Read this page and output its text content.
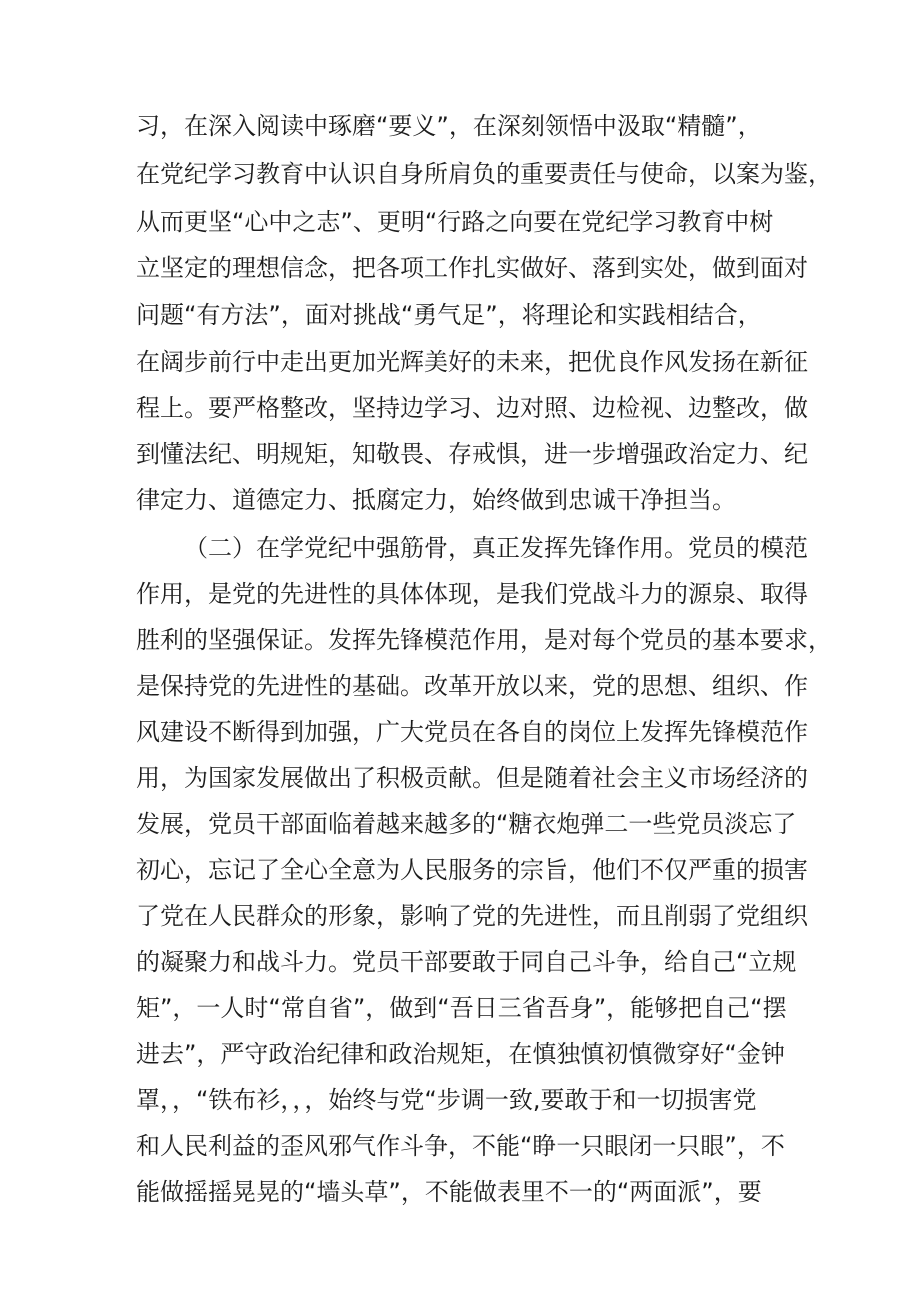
习，在深入阅读中琢磨“要义”，在深刻领悟中汲取“精髓”，
在党纪学习教育中认识自身所肩负的重要责任与使命，以案为鉴，
从而更坚“心中之志”、更明“行路之向要在党纪学习教育中树
立坚定的理想信念，把各项工作扎实做好、落到实处，做到面对
问题“有方法”，面对挑战“勇气足”，将理论和实践相结合，
在阔步前行中走出更加光辉美好的未来，把优良作风发扬在新征
程上。要严格整改，坚持边学习、边对照、边检视、边整改，做
到懂法纪、明规矩，知敬畏、存戒惧，进一步增强政治定力、纪
律定力、道德定力、抵腐定力，始终做到忠诚干净担当。
（二）在学党纪中强筋骨，真正发挥先锋作用。党员的模范
作用，是党的先进性的具体体现，是我们党战斗力的源泉、取得
胜利的坚强保证。发挥先锋模范作用，是对每个党员的基本要求，
是保持党的先进性的基础。改革开放以来，党的思想、组织、作
风建设不断得到加强，广大党员在各自的岗位上发挥先锋模范作
用，为国家发展做出了积极贡献。但是随着社会主义市场经济的
发展，党员干部面临着越来越多的“糖衣炮弹二一些党员淡忘了
初心，忘记了全心全意为人民服务的宗旨，他们不仅严重的损害
了党在人民群众的形象，影响了党的先进性，而且削弱了党组织
的凝聚力和战斗力。党员干部要敢于同自己斗争，给自己“立规
矩”，一人时“常自省”，做到“吾日三省吾身”，能够把自己“摆
进去”，严守政治纪律和政治规矩，在慎独慎初慎微穿好“金钟
罩，，“铁布衫，，，始终与党“步调一致,要敢于和一切损害党
和人民利益的歪风邪气作斗争，不能“睁一只眼闭一只眼”，不
能做摇摇晃晃的“墙头草”，不能做表里不一的“两面派”，要
